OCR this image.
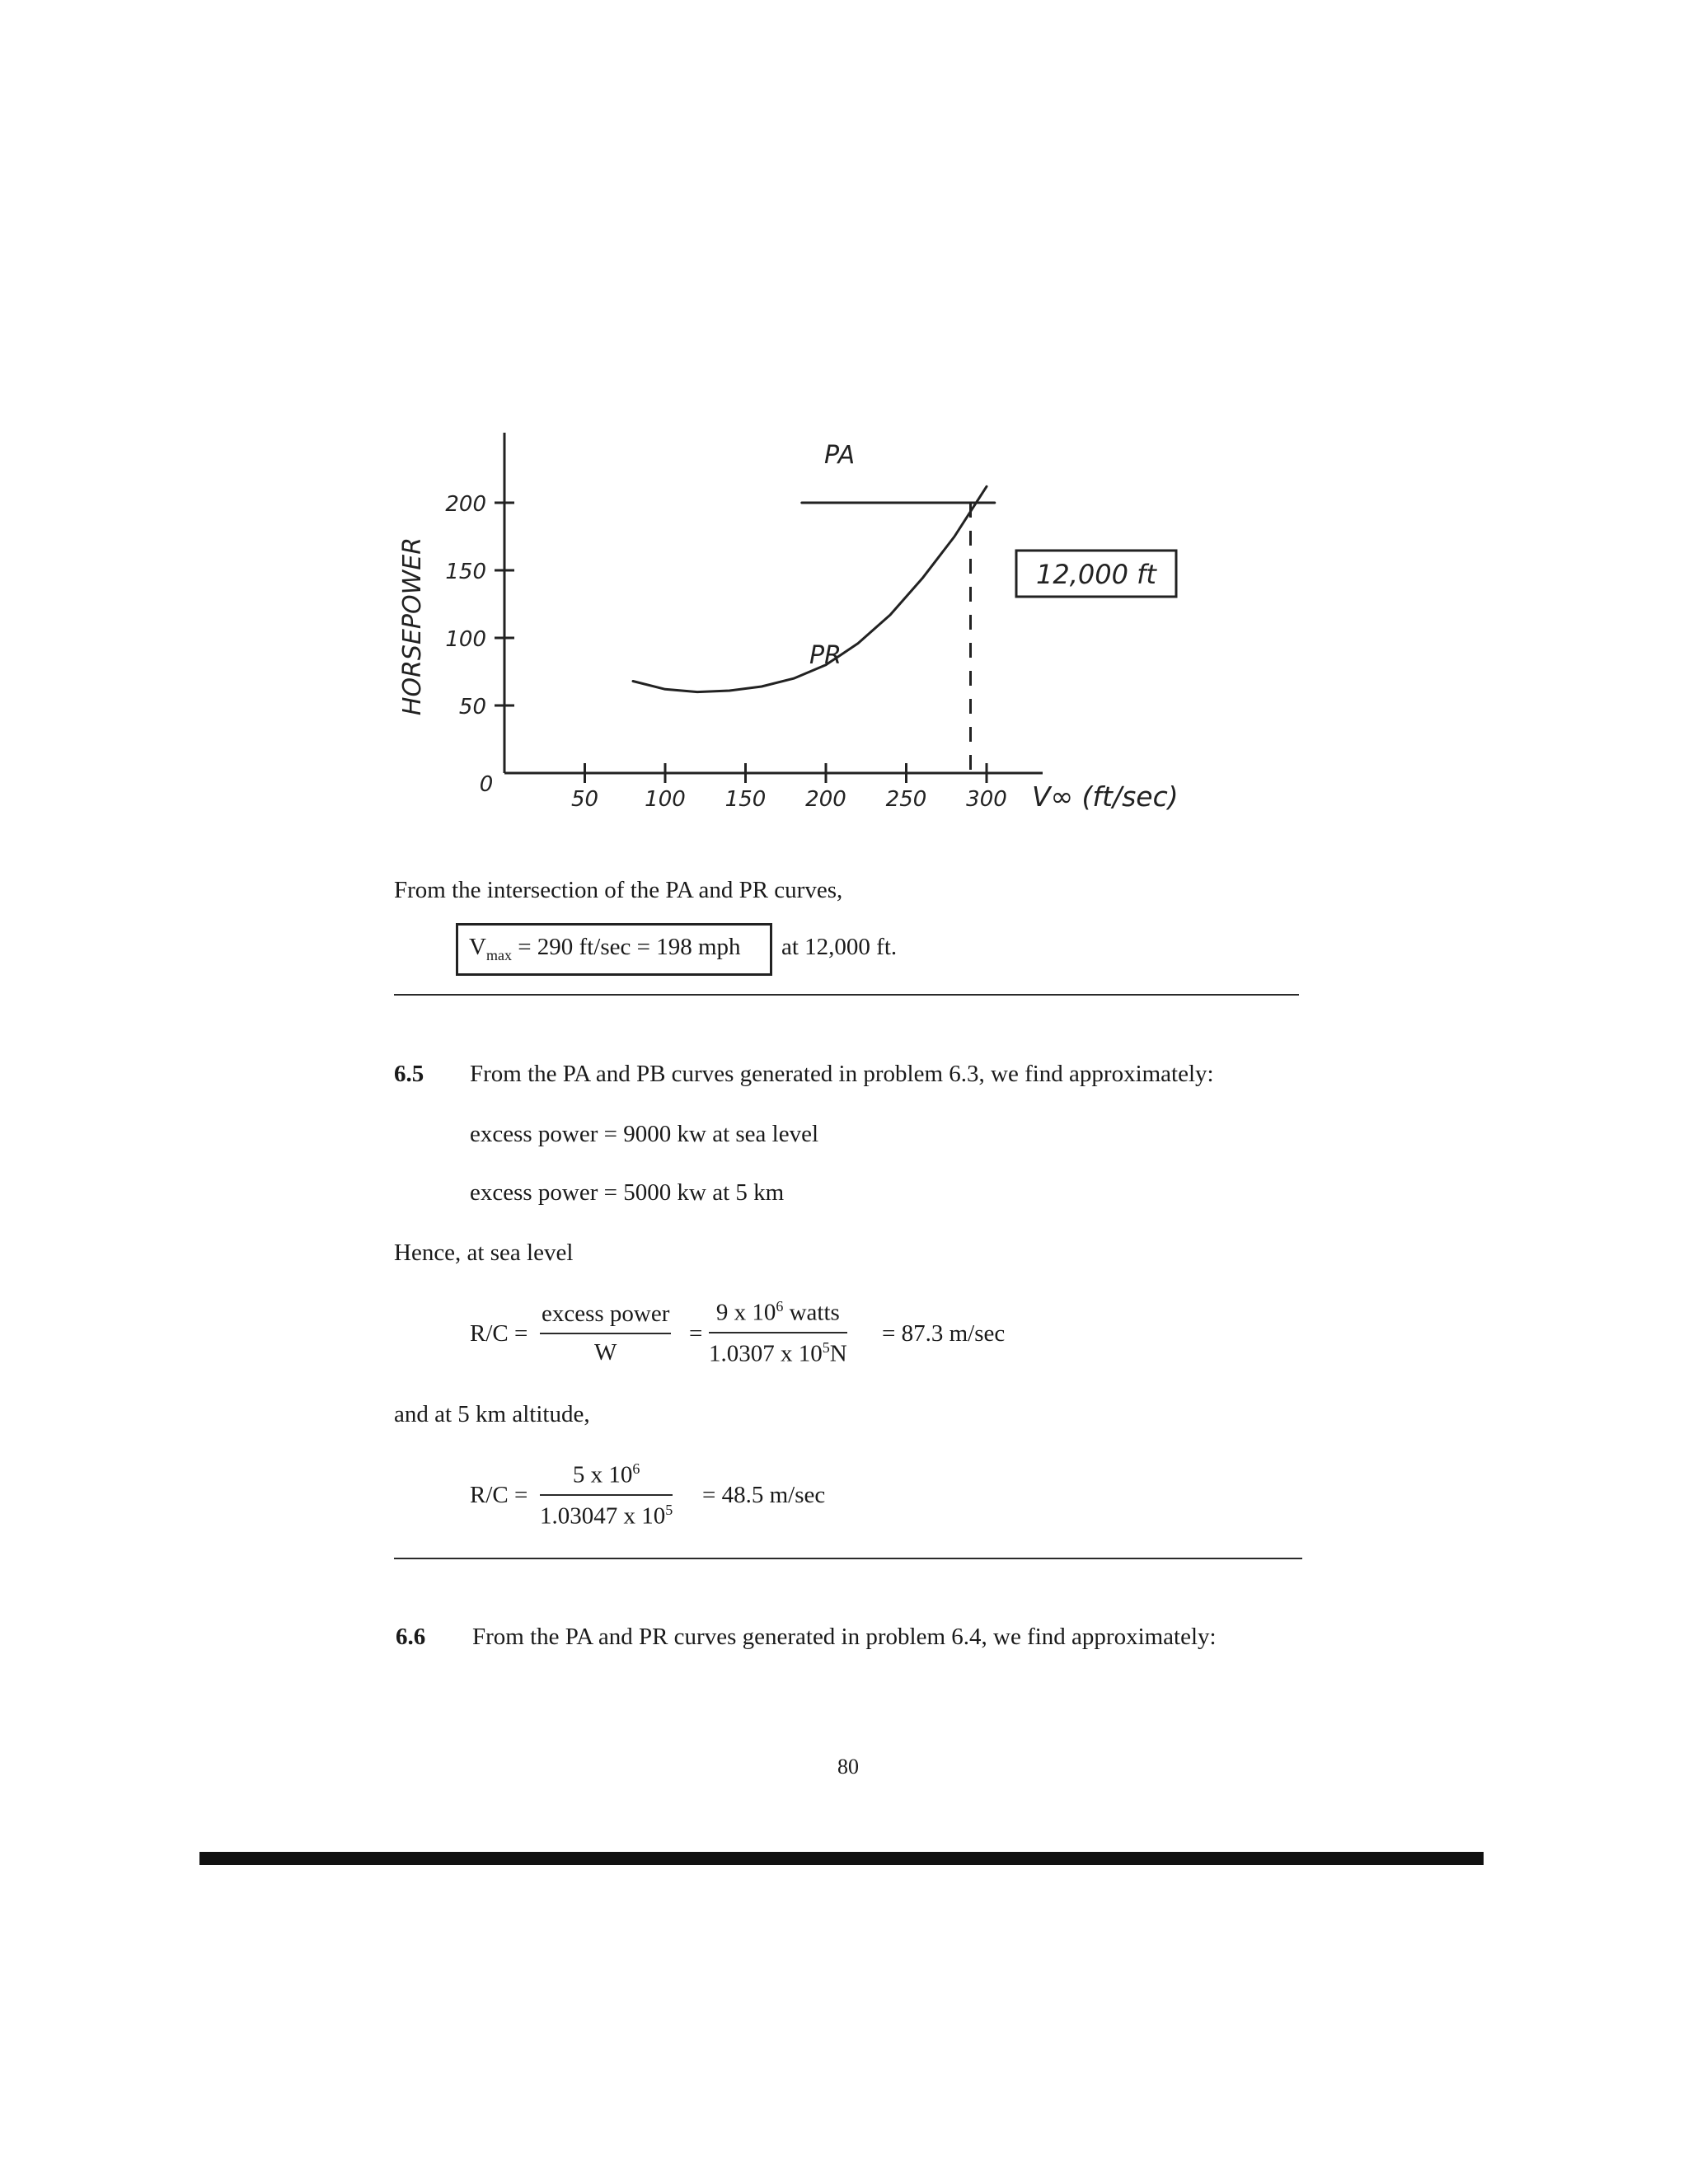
HORSEPOWER
0
200
150
100
50
50 100 150 200 250 300
PA
PR
12,000 ft
V∞ (ft/sec)
From the intersection of the PA and PR curves,
$V_{max} = 290$ ft/sec = 198 mph at 12,000 ft.
6.5 From the PA and PB curves generated in problem 6.3, we find approximately:
excess power = 9000 kw at sea level
excess power = 5000 kw at 5 km
Hence, at sea level
R/C =
excess power
W
=
9 x $10^6$ watts
1.0307 x $10^5N$
= 87.3 m/sec
and at 5 km altitude,
R/C =
5 x $10^6$
1.03047 x $10^5$
= 48.5 m/sec
6.6 From the PA and PR curves generated in problem 6.4, we find approximately:
80
